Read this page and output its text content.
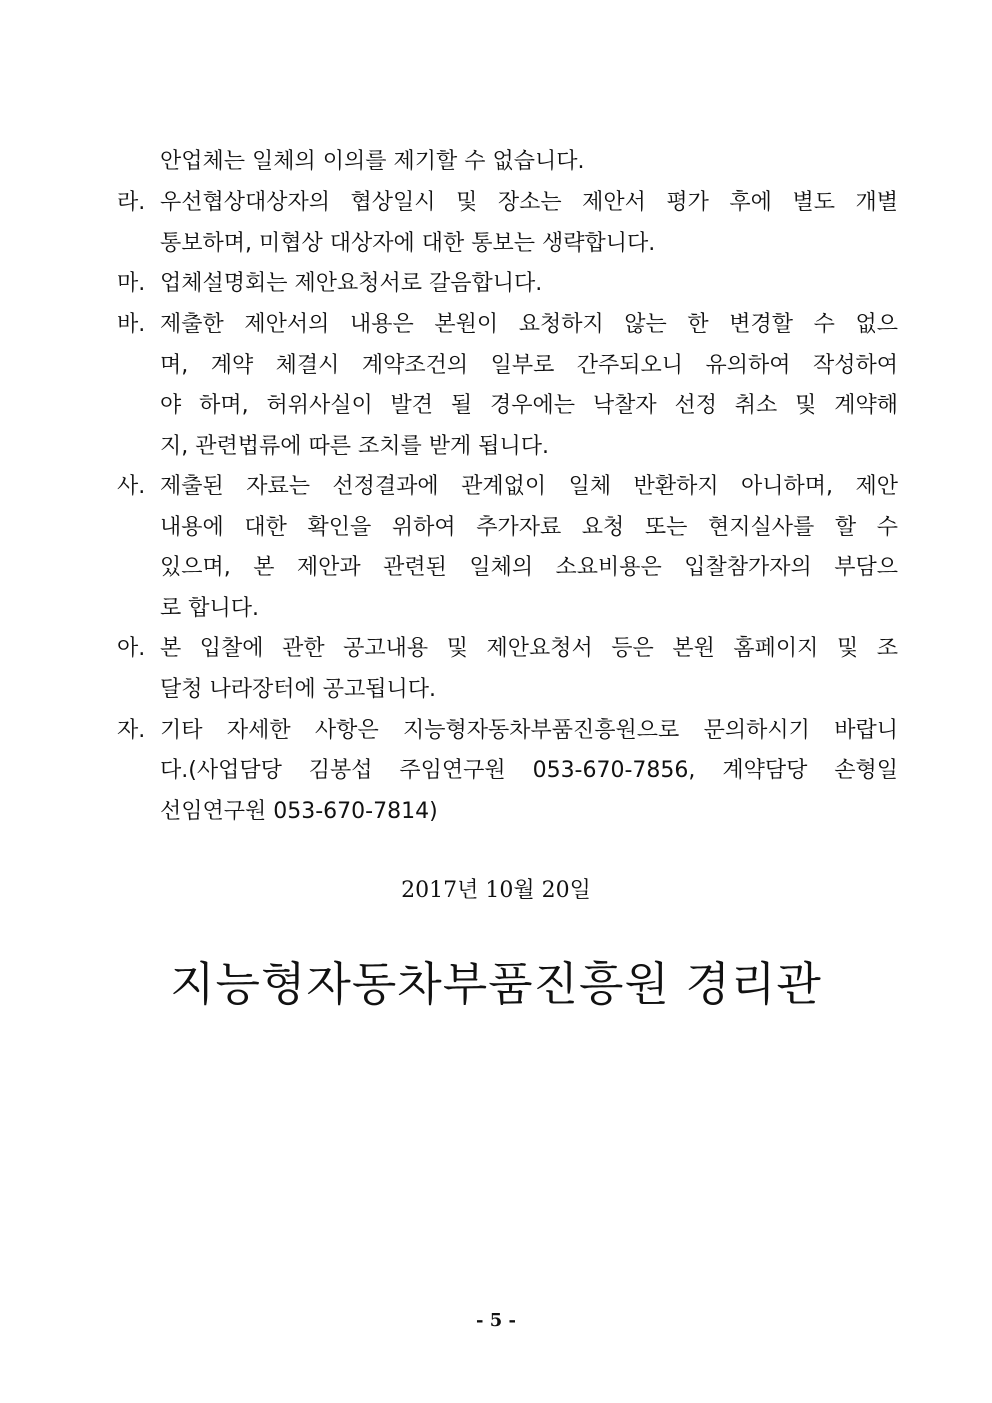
안업체는 일체의 이의를 제기할 수 없습니다.
라. 우선협상대상자의 협상일시 및 장소는 제안서 평가 후에 별도 개별
통보하며, 미협상 대상자에 대한 통보는 생략합니다.
마. 업체설명회는 제안요청서로 갈음합니다.
바. 제출한 제안서의 내용은 본원이 요청하지 않는 한 변경할 수 없으
며, 계약 체결시 계약조건의 일부로 간주되오니 유의하여 작성하여
야 하며, 허위사실이 발견 될 경우에는 낙찰자 선정 취소 및 계약해
지, 관련법류에 따른 조치를 받게 됩니다.
사. 제출된 자료는 선정결과에 관계없이 일체 반환하지 아니하며, 제안
내용에 대한 확인을 위하여 추가자료 요청 또는 현지실사를 할 수
있으며, 본 제안과 관련된 일체의 소요비용은 입찰참가자의 부담으
로 합니다.
아. 본 입찰에 관한 공고내용 및 제안요청서 등은 본원 홈페이지 및 조
달청 나라장터에 공고됩니다.
자. 기타 자세한 사항은 지능형자동차부품진흥원으로 문의하시기 바랍니
다.(사업담당 김봉섭 주임연구원 053-670-7856, 계약담당 손형일
선임연구원 053-670-7814)
2017년 10월 20일
지능형자동차부품진흥원 경리관
- 5 -
